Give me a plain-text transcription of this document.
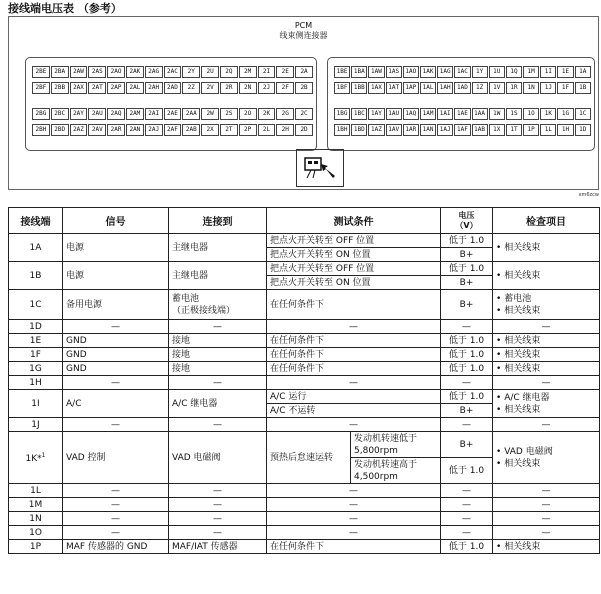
接线端电压表 （参考）
PCM
线束侧连接器
2BE	2BA	2AW	2AS	2AO	2AK	2AG	2AC	2Y	2U	2Q	2M	2I	2E	2A
2BF	2BB	2AX	2AT	2AP	2AL	2AH	2AD	2Z	2V	2R	2N	2J	2F	2B
2BG	2BC	2AY	2AU	2AQ	2AM	2AI	2AE	2AA	2W	2S	2O	2K	2G	2C
2BH	2BD	2AZ	2AV	2AR	2AN	2AJ	2AF	2AB	2X	2T	2P	2L	2H	2D
1BE	1BA	1AW	1AS	1AO	1AK	1AG	1AC	1Y	1U	1Q	1M	1I	1E	1A
1BF	1BB	1AX	1AT	1AP	1AL	1AH	1AD	1Z	1V	1R	1N	1J	1F	1B
1BG	1BC	1AY	1AU	1AQ	1AM	1AI	1AE	1AA	1W	1S	1O	1K	1G	1C
1BH	1BD	1AZ	1AV	1AR	1AN	1AJ	1AF	1AB	1X	1T	1P	1L	1H	1D
xm6zcw
接线端	信号	连接到	测试条件		电压
（V）	检查项目
1A	电源	主继电器	把点火开关转至 OFF 位置		低于 1.0	• 相关线束

			把点火开关转至 ON 位置		B+	
1B	电源	主继电器	把点火开关转至 OFF 位置		低于 1.0	• 相关线束

			把点火开关转至 ON 位置		B+	
1C	备用电源	蓄电池
（正极接线端）	在任何条件下		B+	• 蓄电池
• 相关线束

1D	—	—	—		—	—
1E	GND	接地	在任何条件下		低于 1.0	• 相关线束

1F	GND	接地	在任何条件下		低于 1.0	• 相关线束

1G	GND	接地	在任何条件下		低于 1.0	• 相关线束

1H	—	—	—		—	—
1I	A/C	A/C 继电器	A/C 运行		低于 1.0	• A/C 继电器
• 相关线束

			A/C 不运转		B+	
1J	—	—	—		—	—
1K*$^1$	VAD 控制	VAD 电磁阀	预热后怠速运转	发动机转速低于
5,800rpm	B+	• VAD 电磁阀
• 相关线束

				发动机转速高于
4,500rpm	低于 1.0	
1L	—	—	—		—	—
1M	—	—	—		—	—
1N	—	—	—		—	—
1O	—	—	—		—	—
1P	MAF 传感器的 GND	MAF/IAT 传感器	在任何条件下		低于 1.0	• 相关线束
